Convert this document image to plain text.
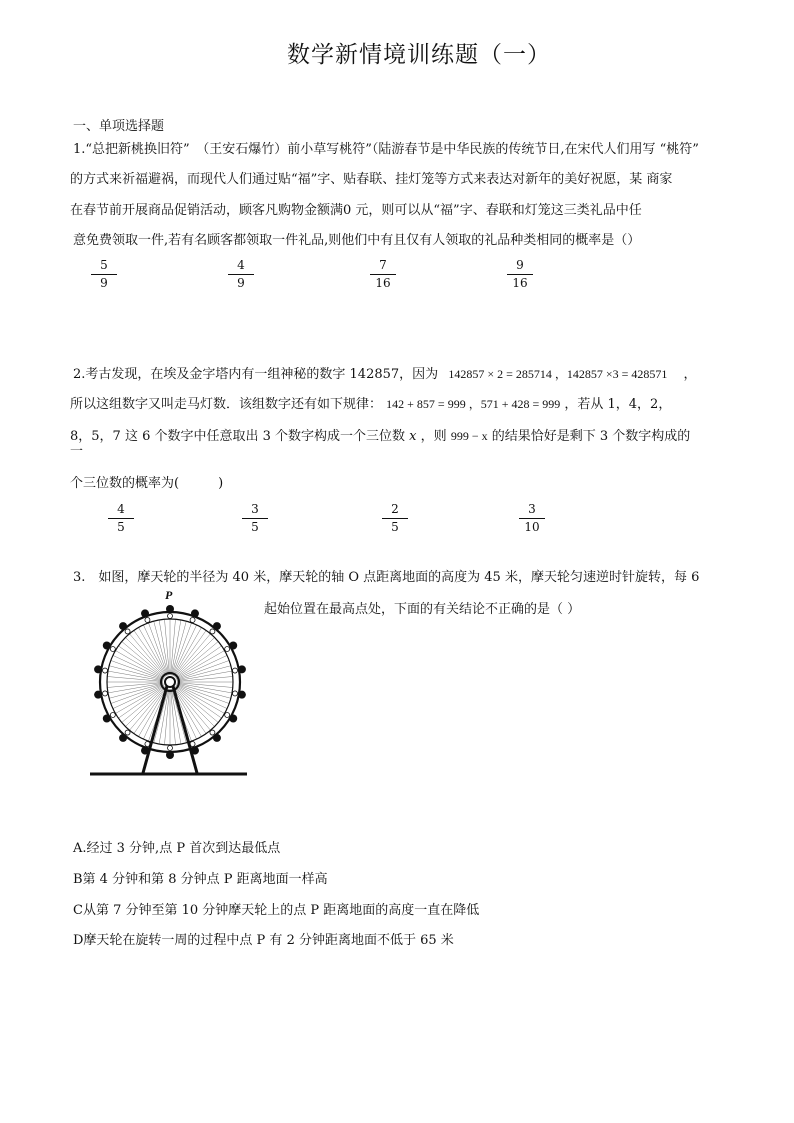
数学新情境训练题（一）
一、单项选择题
1.“总把新桃换旧符”　（王安石爆竹）前小草写桃符”（陆游春节是中华民族的传统节日,在宋代人们用写 “桃符”
的方式来祈福避祸，而现代人们通过贴“福”字、贴春联、挂灯笼等方式来表达对新年的美好祝愿，某 商家
在春节前开展商品促销活动，顾客凡购物金额满0 元，则可以从“福”字、春联和灯笼这三类礼品中任
意免费领取一件,若有名顾客都领取一件礼品,则他们中有且仅有人领取的礼品种类相同的概率是（）
5
9
4
9
7
16
9
16
2.考古发现，在埃及金字塔内有一组神秘的数字 142857，因为 142857 × 2 = 285714 ，142857 ×3 = 428571 ，
所以这组数字又叫走马灯数．该组数字还有如下规律： 142 + 857 = 999 ，571 + 428 = 999 ，若从 1，4，2，
8，5，7 这 6 个数字中任意取出 3 个数字构成一个三位数 x ，则 999 − x 的结果恰好是剩下 3 个数字构成的
一
个三位数的概率为(　　　)
4
5
3
5
2
5
3
10
3.　如图，摩天轮的半径为 40 米，摩天轮的轴 O 点距离地面的高度为 45 米，摩天轮匀速逆时针旋转，每 6
起始位置在最高点处，下面的有关结论不正确的是（ ）
P
A.经过 3 分钟,点 P 首次到达最低点
B第 4 分钟和第 8 分钟点 P 距离地面一样高
C从第 7 分钟至第 10 分钟摩天轮上的点 P 距离地面的高度一直在降低
D摩天轮在旋转一周的过程中点 P 有 2 分钟距离地面不低于 65 米
